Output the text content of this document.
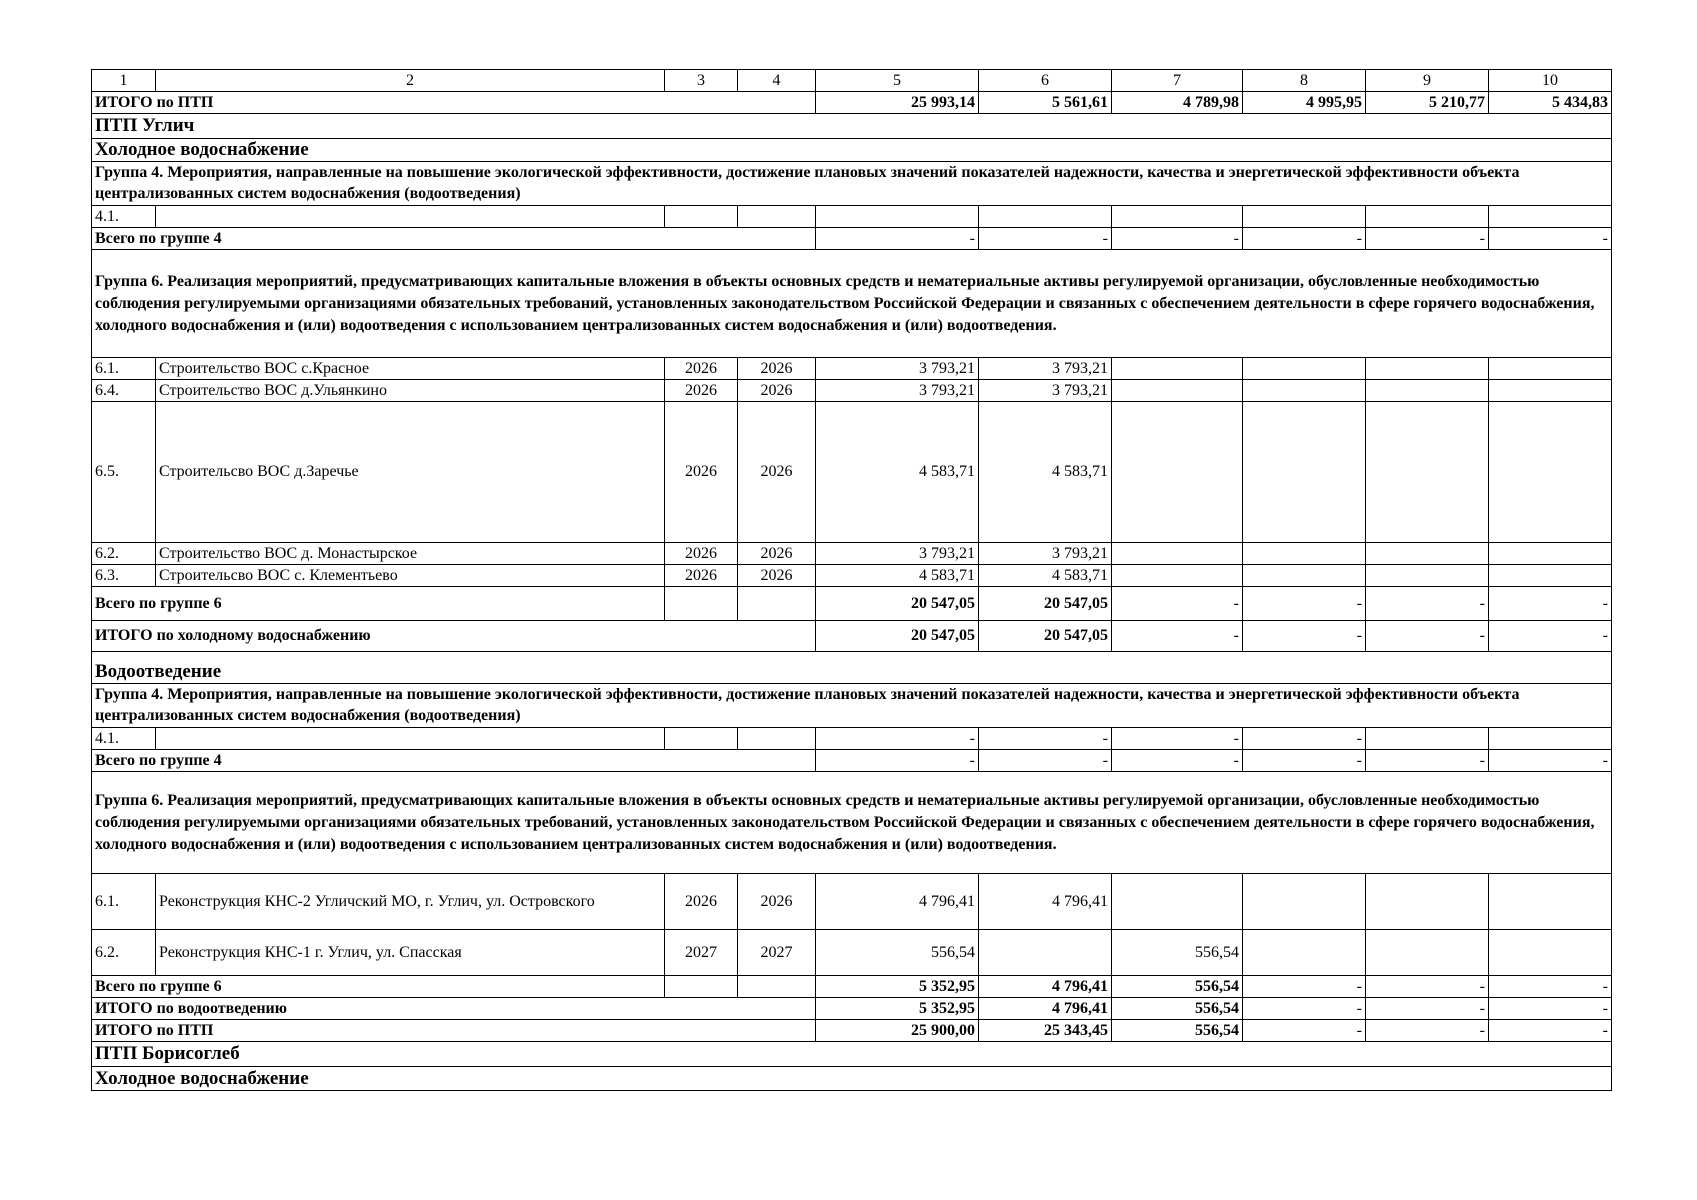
1	2	3	4	5	6	7	8	9	10
ИТОГО по ПТП				25 993,14	5 561,61	4 789,98	4 995,95	5 210,77	5 434,83
ПТП Углич									
Холодное водоснабжение									
Группа 4. Мероприятия, направленные на повышение экологической эффективности, достижение плановых значений показателей надежности, качества и энергетической эффективности объекта централизованных систем водоснабжения (водоотведения)									
4.1.									
Всего по группе 4				-	-	-	-	-	-
Группа 6. Реализация мероприятий, предусматривающих капитальные вложения в объекты основных средств и нематериальные активы регулируемой организации, обусловленные необходимостью соблюдения регулируемыми организациями обязательных требований, установленных законодательством Российской Федерации и связанных с обеспечением деятельности в сфере горячего водоснабжения, холодного водоснабжения и (или) водоотведения с использованием централизованных систем водоснабжения и (или) водоотведения.									
6.1.	Строительство ВОС с.Красное	2026	2026	3 793,21	3 793,21				
6.4.	Строительство ВОС д.Ульянкино	2026	2026	3 793,21	3 793,21				
6.5.	Строительсво ВОС д.Заречье	2026	2026	4 583,71	4 583,71				
6.2.	Строительство ВОС д. Монастырское	2026	2026	3 793,21	3 793,21				
6.3.	Строительсво ВОС с. Клементьево	2026	2026	4 583,71	4 583,71				
Всего по группе 6				20 547,05	20 547,05	-	-	-	-
ИТОГО по холодному водоснабжению				20 547,05	20 547,05	-	-	-	-
Водоотведение									
Группа 4. Мероприятия, направленные на повышение экологической эффективности, достижение плановых значений показателей надежности, качества и энергетической эффективности объекта централизованных систем водоснабжения (водоотведения)									
4.1.				-	-	-	-		
Всего по группе 4				-	-	-	-	-	-
Группа 6. Реализация мероприятий, предусматривающих капитальные вложения в объекты основных средств и нематериальные активы регулируемой организации, обусловленные необходимостью соблюдения регулируемыми организациями обязательных требований, установленных законодательством Российской Федерации и связанных с обеспечением деятельности в сфере горячего водоснабжения, холодного водоснабжения и (или) водоотведения с использованием централизованных систем водоснабжения и (или) водоотведения.									
6.1.	Реконструкция КНС-2 Угличский МО, г. Углич, ул. Островского	2026	2026	4 796,41	4 796,41				
6.2.	Реконструкция КНС-1 г. Углич, ул. Спасская	2027	2027	556,54		556,54			
Всего по группе 6				5 352,95	4 796,41	556,54	-	-	-
ИТОГО по водоотведению				5 352,95	4 796,41	556,54	-	-	-
ИТОГО по ПТП				25 900,00	25 343,45	556,54	-	-	-
ПТП Борисоглеб									
Холодное водоснабжение									
